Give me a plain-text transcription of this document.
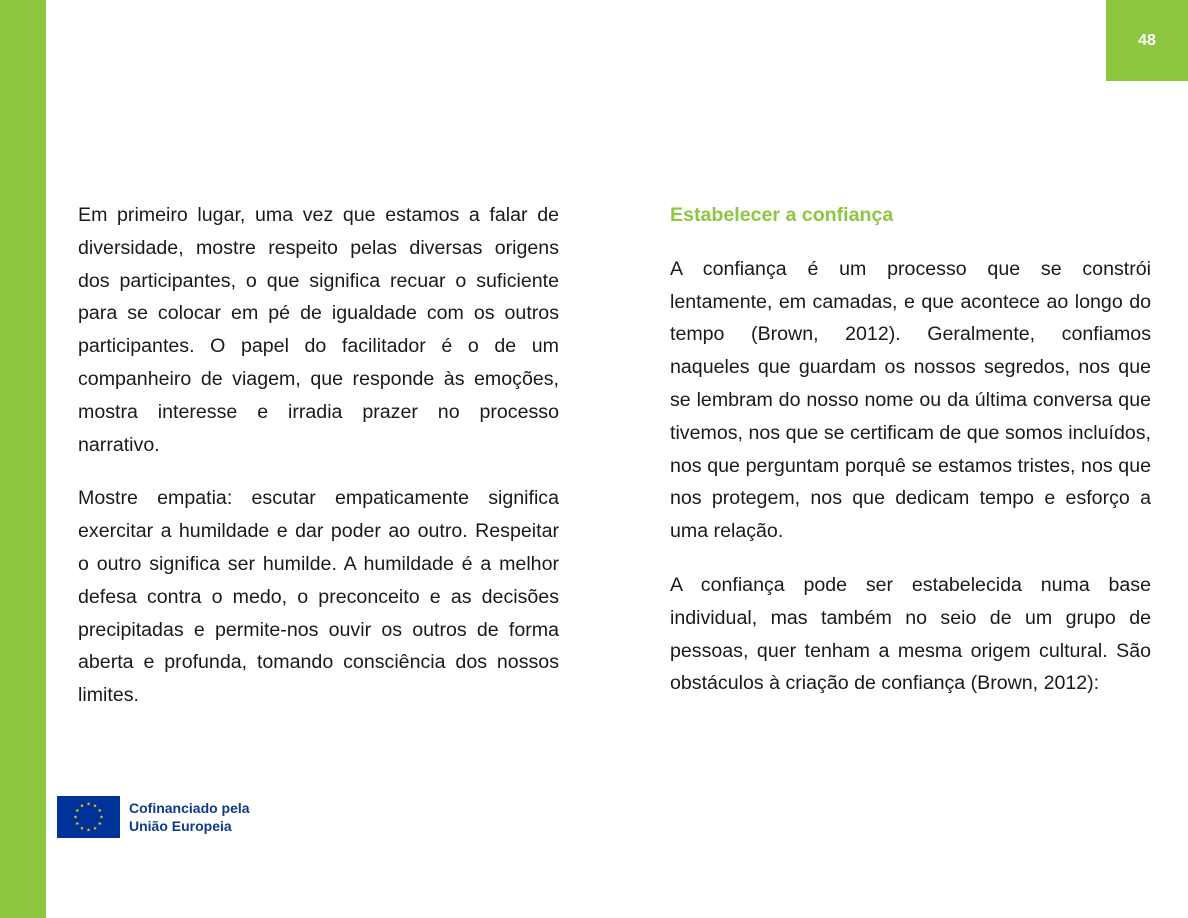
48

Em primeiro lugar, uma vez que estamos a falar de diversidade, mostre respeito pelas diversas origens dos participantes, o que significa recuar o suficiente para se colocar em pé de igualdade com os outros participantes. O papel do facilitador é o de um companheiro de viagem, que responde às emoções, mostra interesse e irradia prazer no processo narrativo.

Mostre empatia: escutar empaticamente significa exercitar a humildade e dar poder ao outro. Respeitar o outro significa ser humilde. A humildade é a melhor defesa contra o medo, o preconceito e as decisões precipitadas e permite-nos ouvir os outros de forma aberta e profunda, tomando consciência dos nossos limites.

Estabelecer a confiança

A confiança é um processo que se constrói lentamente, em camadas, e que acontece ao longo do tempo (Brown, 2012). Geralmente, confiamos naqueles que guardam os nossos segredos, nos que se lembram do nosso nome ou da última conversa que tivemos, nos que se certificam de que somos incluídos, nos que perguntam porquê se estamos tristes, nos que nos protegem, nos que dedicam tempo e esforço a uma relação.

A confiança pode ser estabelecida numa base individual, mas também no seio de um grupo de pessoas, quer tenham a mesma origem cultural. São obstáculos à criação de confiança (Brown, 2012):

Cofinanciado pela
União Europeia
